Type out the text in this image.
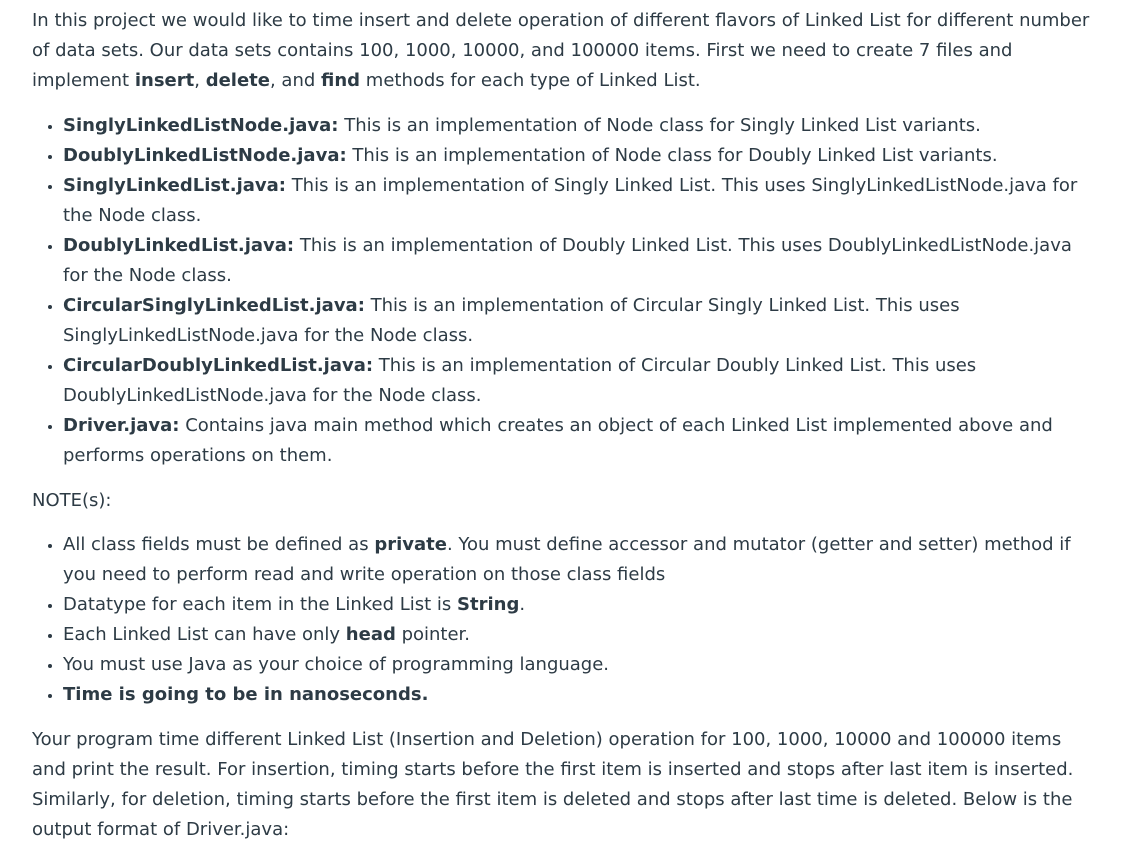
In this project we would like to time insert and delete operation of different flavors of Linked List for different number of data sets. Our data sets contains 100, 1000, 10000, and 100000 items. First we need to create 7 files and implement insert, delete, and find methods for each type of Linked List.

• SinglyLinkedListNode.java: This is an implementation of Node class for Singly Linked List variants.
• DoublyLinkedListNode.java: This is an implementation of Node class for Doubly Linked List variants.
• SinglyLinkedList.java: This is an implementation of Singly Linked List. This uses SinglyLinkedListNode.java for the Node class.
• DoublyLinkedList.java: This is an implementation of Doubly Linked List. This uses DoublyLinkedListNode.java for the Node class.
• CircularSinglyLinkedList.java: This is an implementation of Circular Singly Linked List. This uses SinglyLinkedListNode.java for the Node class.
• CircularDoublyLinkedList.java: This is an implementation of Circular Doubly Linked List. This uses DoublyLinkedListNode.java for the Node class.
• Driver.java: Contains java main method which creates an object of each Linked List implemented above and performs operations on them.

NOTE(s):

• All class fields must be defined as private. You must define accessor and mutator (getter and setter) method if you need to perform read and write operation on those class fields
• Datatype for each item in the Linked List is String.
• Each Linked List can have only head pointer.
• You must use Java as your choice of programming language.
• Time is going to be in nanoseconds.

Your program time different Linked List (Insertion and Deletion) operation for 100, 1000, 10000 and 100000 items and print the result. For insertion, timing starts before the first item is inserted and stops after last item is inserted. Similarly, for deletion, timing starts before the first item is deleted and stops after last time is deleted. Below is the output format of Driver.java:
